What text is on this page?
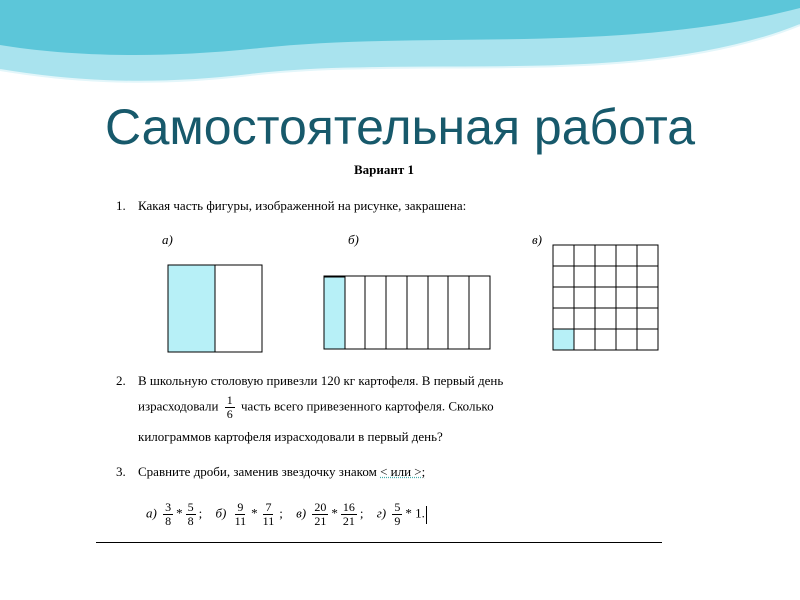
Самостоятельная работа
Вариант 1
1. Какая часть фигуры, изображенной на рисунке, закрашена:
а)	б)	в)
2. В школьную столовую привезли 120 кг картофеля. В первый день
израсходовали $\frac{1}{6}$ часть всего привезенного картофеля. Сколько
килограммов картофеля израсходовали в первый день?
3. Сравните дроби, заменив звездочку знаком < или >;
$а) \frac{3}{8} * \frac{5}{8}$ ; $б) \frac{9}{11} * \frac{7}{11}$ ; $в) \frac{20}{21} * \frac{16}{21}$ ; $г) \frac{5}{9} * 1$.
